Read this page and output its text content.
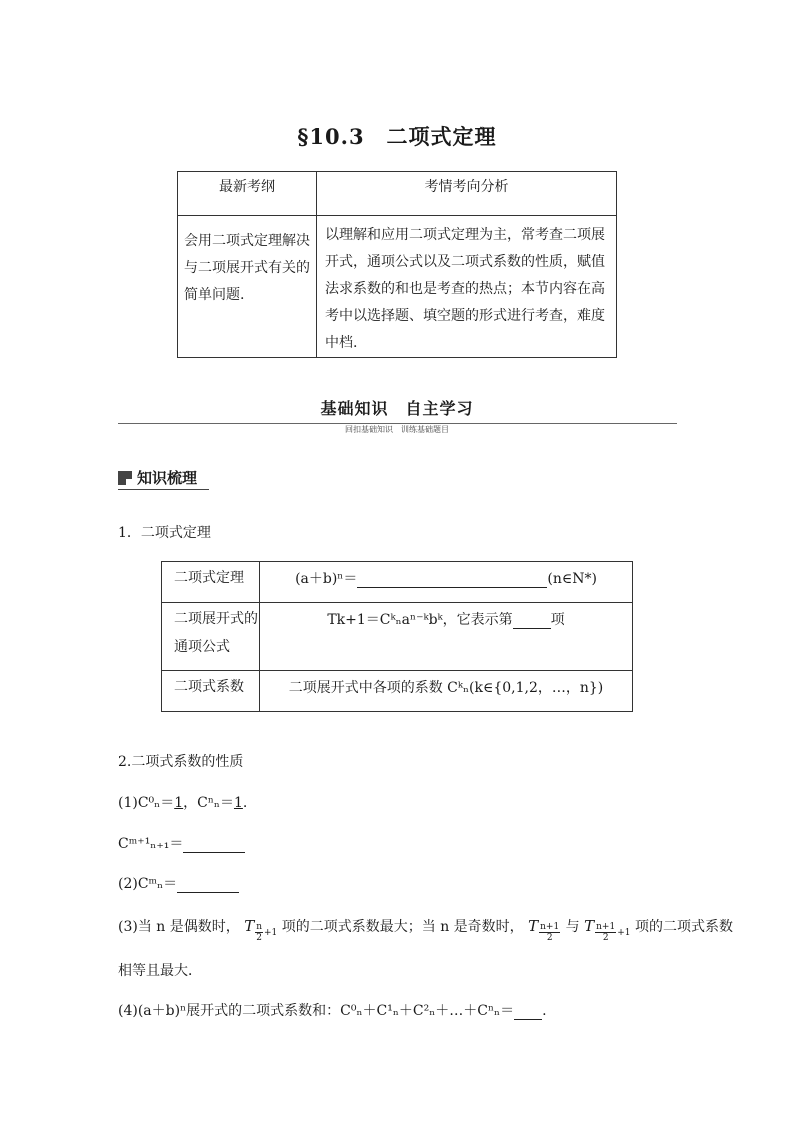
§10.3　二项式定理
最新考纲	考情考向分析
会用二项式定理解决与二项展开式有关的简单问题.	以理解和应用二项式定理为主，常考查二项展开式，通项公式以及二项式系数的性质，赋值法求系数的和也是考查的热点；本节内容在高考中以选择题、填空题的形式进行考查，难度中档.
基础知识　自主学习
回扣基础知识　训练基础题目
知识梳理
1．二项式定理
二项式定理	(a＋b)ⁿ＝ (n∈N*)
二项展开式的通项公式	Tk+1＝Cᵏₙaⁿ⁻ᵏbᵏ，它表示第 项
二项式系数	二项展开式中各项的系数 Cᵏₙ(k∈{0,1,2，…，n})
2.二项式系数的性质
(1)C⁰ₙ＝1，Cⁿₙ＝1.
Cᵐ⁺¹ₙ₊₁＝
(2)Cᵐₙ＝
(3)当 n 是偶数时， T $\frac{n}{2} +1$ 项的二项式系数最大；当 n 是奇数时， T $\frac{n+1}{2}$ 与 T $\frac{n+1}{2} +1$ 项的二项式系数
相等且最大．
(4)(a＋b)ⁿ展开式的二项式系数和：C⁰ₙ＋C¹ₙ＋C²ₙ＋…＋Cⁿₙ＝ .
